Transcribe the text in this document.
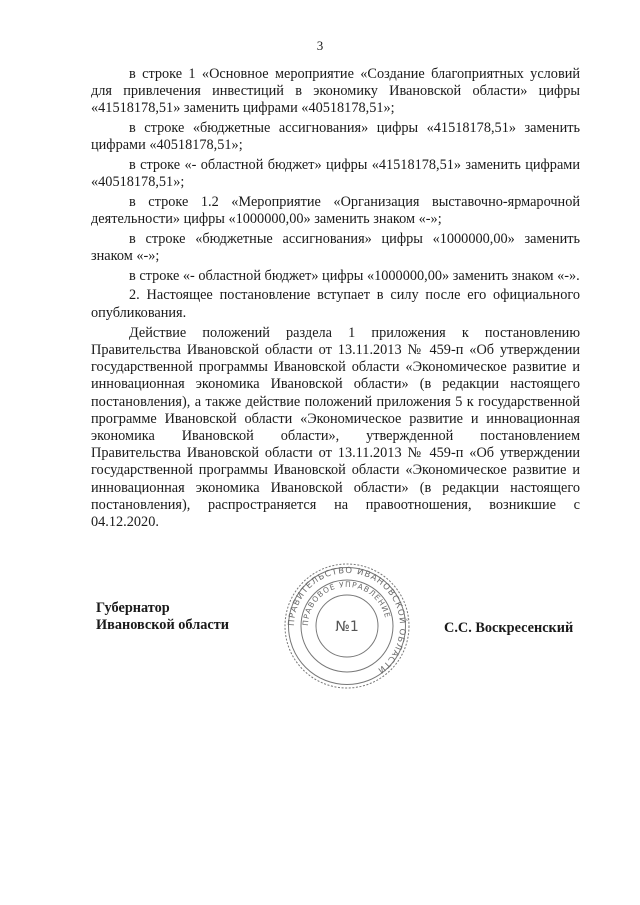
3

в строке 1 «Основное мероприятие «Создание благоприятных условий для привлечения инвестиций в экономику Ивановской области» цифры «41518178,51» заменить цифрами «40518178,51»;

в строке «бюджетные ассигнования» цифры «41518178,51» заменить цифрами «40518178,51»;

в строке «- областной бюджет» цифры «41518178,51» заменить цифрами «40518178,51»;

в строке 1.2 «Мероприятие «Организация выставочно-ярмарочной деятельности» цифры «1000000,00» заменить знаком «-»;

в строке «бюджетные ассигнования» цифры «1000000,00» заменить знаком «-»;

в строке «- областной бюджет» цифры «1000000,00» заменить знаком «-».

2. Настоящее постановление вступает в силу после его официального опубликования.

Действие положений раздела 1 приложения к постановлению Правительства Ивановской области от 13.11.2013 № 459-п «Об утверждении государственной программы Ивановской области «Экономическое развитие и инновационная экономика Ивановской области» (в редакции настоящего постановления), а также действие положений приложения 5 к государственной программе Ивановской области «Экономическое развитие и инновационная экономика Ивановской области», утвержденной постановлением Правительства Ивановской области от 13.11.2013 № 459-п «Об утверждении государственной программы Ивановской области «Экономическое развитие и инновационная экономика Ивановской области» (в редакции настоящего постановления), распространяется на правоотношения, возникшие с 04.12.2020.

Губернатор
Ивановской области	ПРАВИТЕЛЬСТВО ИВАНОВСКОЙ ОБЛАСТИ
ПРАВОВОЕ УПРАВЛЕНИЕ
№1	С.С. Воскресенский
